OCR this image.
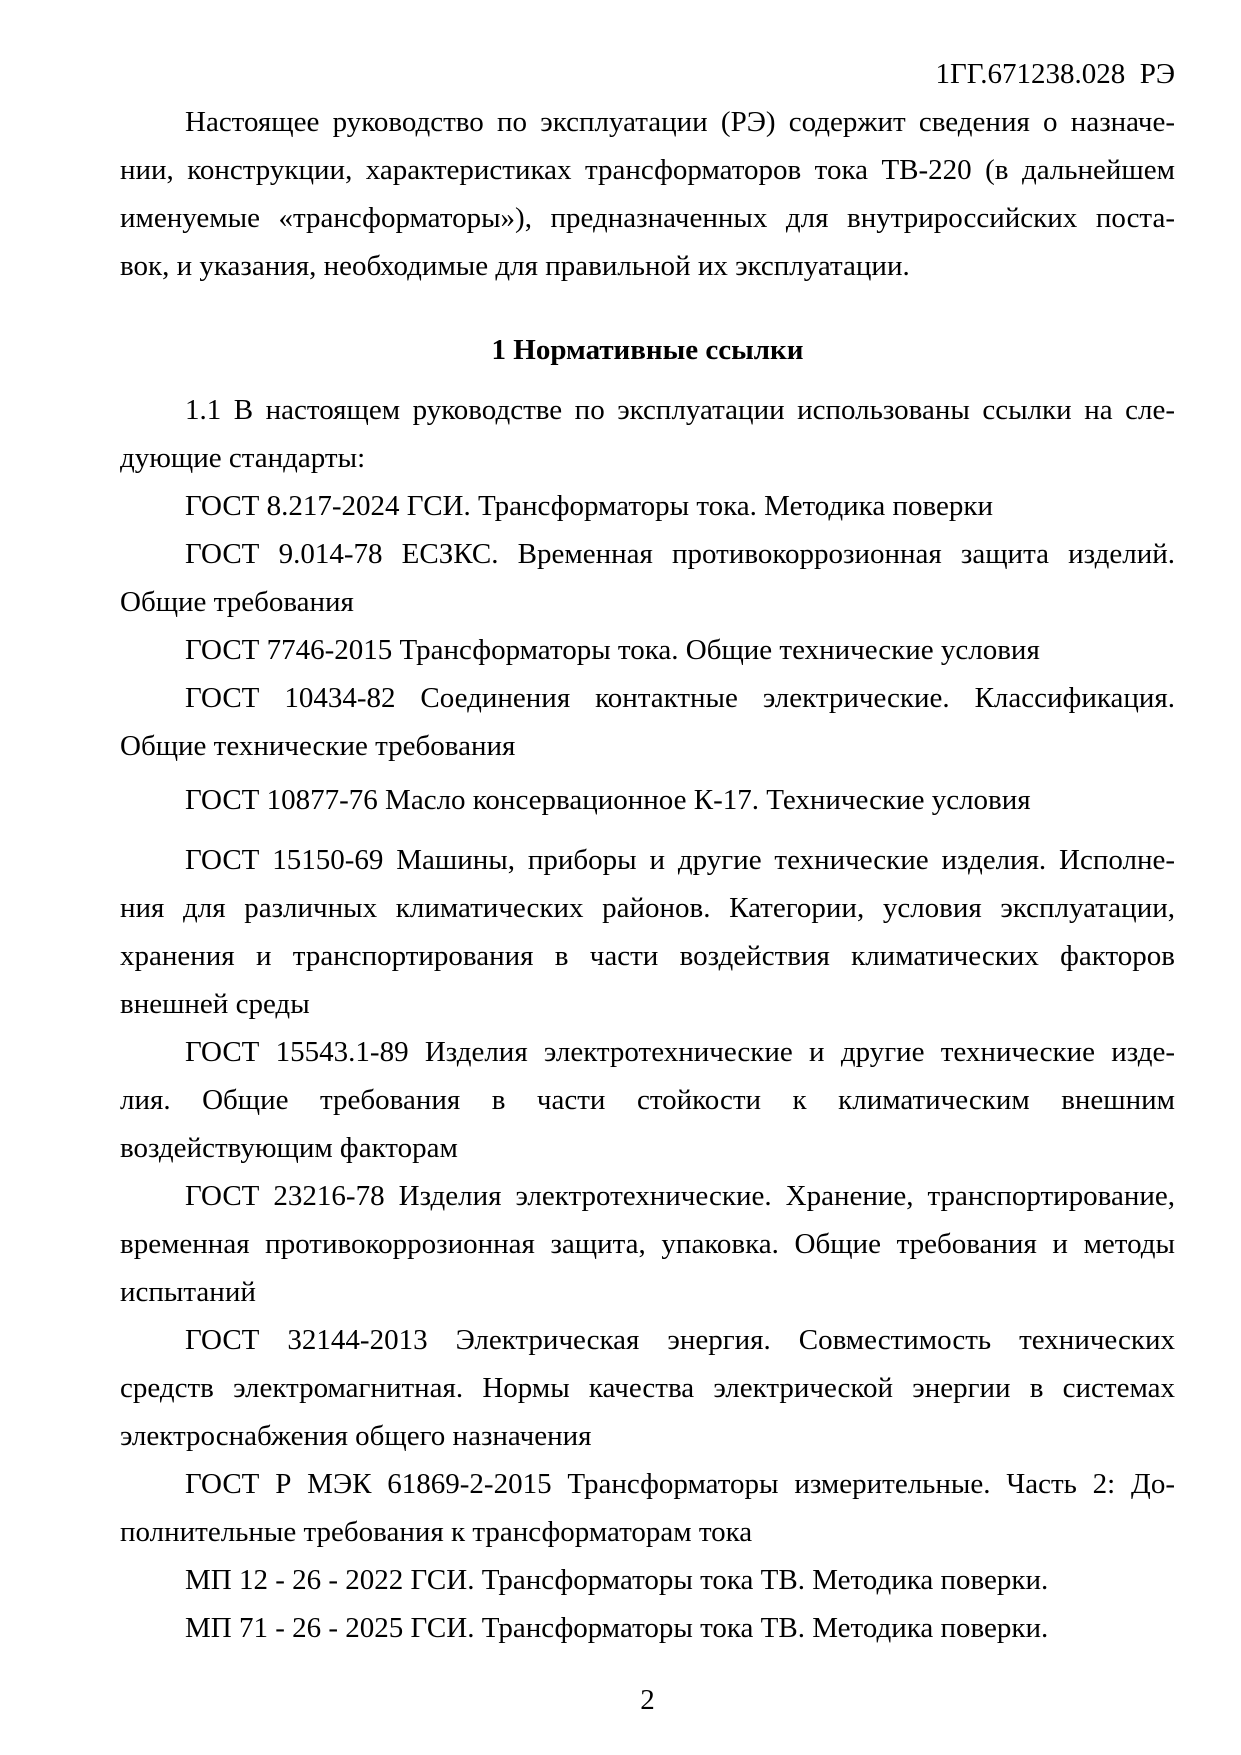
1ГГ.671238.028  РЭ
Настоящее руководство по эксплуатации (РЭ) содержит сведения о назначе-
нии, конструкции, характеристиках трансформаторов тока ТВ-220 (в дальнейшем
именуемые «трансформаторы»), предназначенных для внутрироссийских поста-
вок, и указания, необходимые для правильной их эксплуатации.
1 Нормативные ссылки
1.1 В настоящем руководстве по эксплуатации использованы ссылки на сле-
дующие стандарты:
ГОСТ 8.217-2024 ГСИ. Трансформаторы тока. Методика поверки
ГОСТ 9.014-78 ЕСЗКС. Временная противокоррозионная защита изделий.
Общие требования
ГОСТ 7746-2015 Трансформаторы тока. Общие технические условия
ГОСТ 10434-82 Соединения контактные электрические. Классификация.
Общие технические требования
ГОСТ 10877-76 Масло консервационное К-17. Технические условия
ГОСТ 15150-69 Машины, приборы и другие технические изделия. Исполне-
ния для различных климатических районов. Категории, условия эксплуатации,
хранения и транспортирования в части воздействия климатических факторов
внешней среды
ГОСТ 15543.1-89 Изделия электротехнические и другие технические изде-
лия. Общие требования в части стойкости к климатическим внешним
воздействующим факторам
ГОСТ 23216-78 Изделия электротехнические. Хранение, транспортирование,
временная противокоррозионная защита, упаковка. Общие требования и методы
испытаний
ГОСТ 32144-2013 Электрическая энергия. Совместимость технических
средств электромагнитная. Нормы качества электрической энергии в системах
электроснабжения общего назначения
ГОСТ Р МЭК 61869-2-2015 Трансформаторы измерительные. Часть 2: До-
полнительные требования к трансформаторам тока
МП 12 - 26 - 2022 ГСИ. Трансформаторы тока ТВ. Методика поверки.
МП 71 - 26 - 2025 ГСИ. Трансформаторы тока ТВ. Методика поверки.
2
